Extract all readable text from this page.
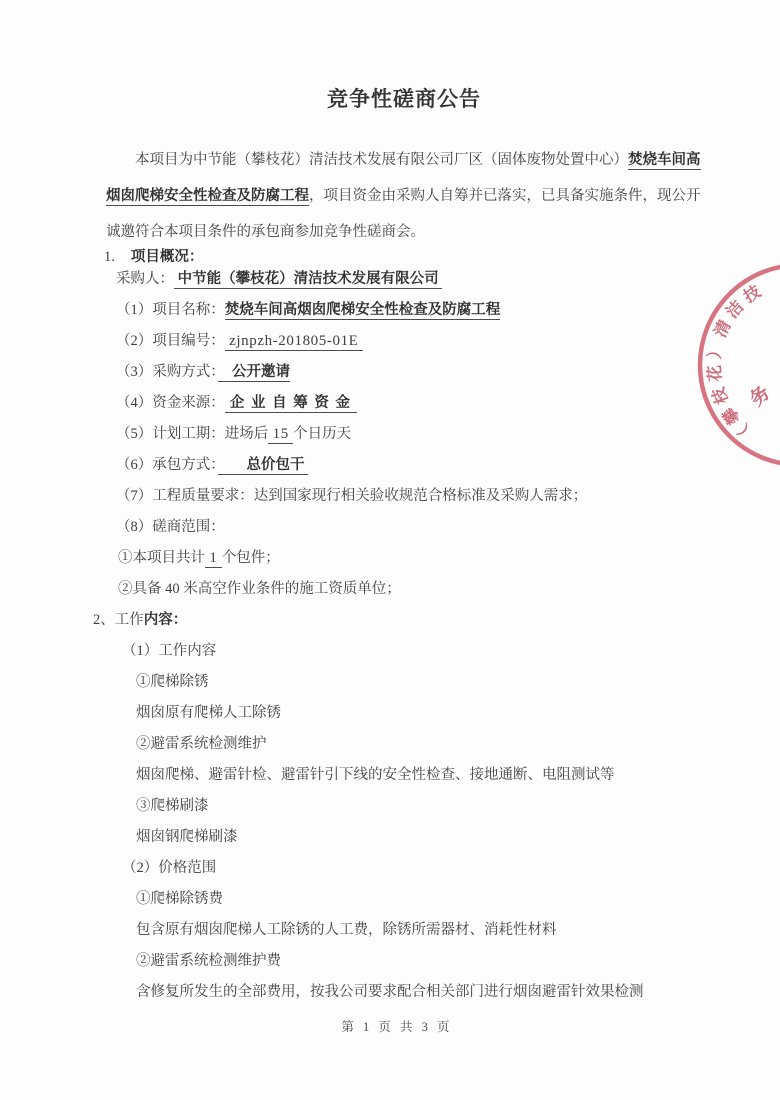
竞争性磋商公告

本项目为中节能（攀枝花）清洁技术发展有限公司厂区（固体废物处置中心）焚烧车间高

烟囱爬梯安全性检查及防腐工程，项目资金由采购人自筹并已落实，已具备实施条件，现公开

诚邀符合本项目条件的承包商参加竞争性磋商会。

1. 项目概况：

采购人： 中节能（攀枝花）清洁技术发展有限公司

（1）项目名称：焚烧车间高烟囱爬梯安全性检查及防腐工程

（2）项目编号： zjnpzh-201805-01E

（3）采购方式：　公开邀请

（4）资金来源： 企 业 自 筹 资 金

（5）计划工期：进场后 15 个日历天

（6）承包方式：　　总价包干

（7）工程质量要求：达到国家现行相关验收规范合格标准及采购人需求；

（8）磋商范围：

①本项目共计 1 个包件；

②具备 40 米高空作业条件的施工资质单位；

2、工作内容：

（1）工作内容

①爬梯除锈

烟囱原有爬梯人工除锈

②避雷系统检测维护

烟囱爬梯、避雷针检、避雷针引下线的安全性检查、接地通断、电阻测试等

③爬梯刷漆

烟囱钢爬梯刷漆

（2）价格范围

①爬梯除锈费

包含原有烟囱爬梯人工除锈的人工费，除锈所需器材、消耗性材料

②避雷系统检测维护费

含修复所发生的全部费用，按我公司要求配合相关部门进行烟囱避雷针效果检测

第 1 页 共 3 页

（攀枝花）清洁技
务
